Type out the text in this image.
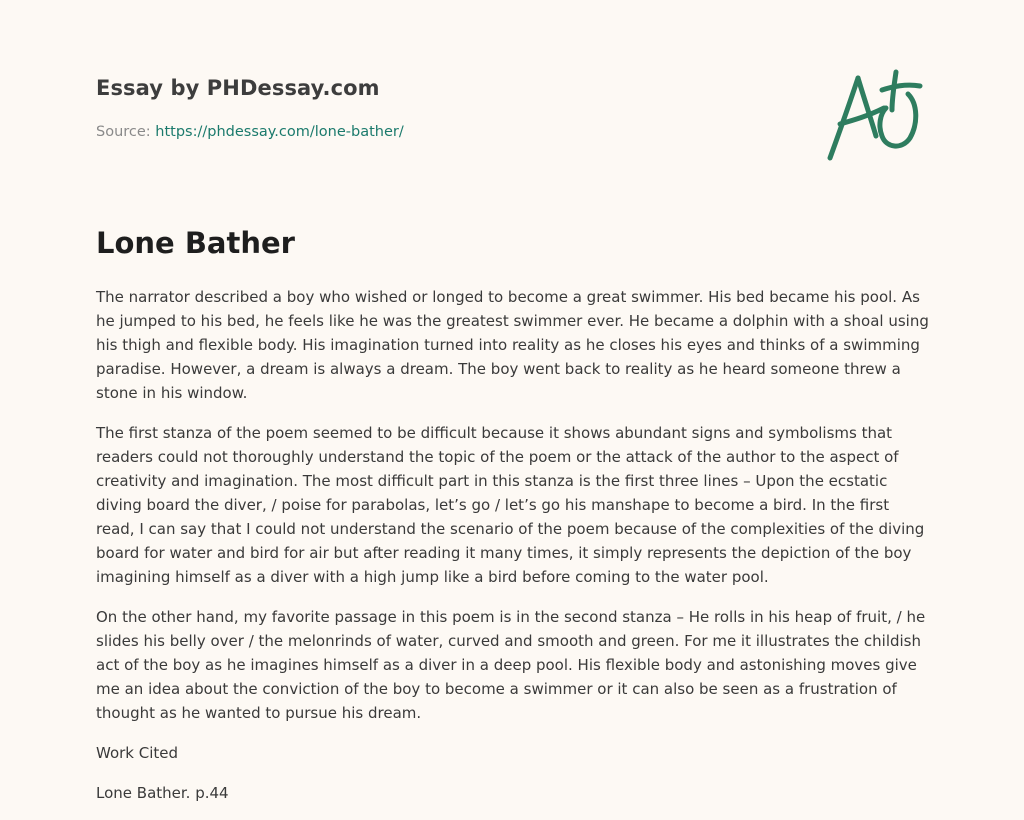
Essay by PHDessay.com
Source: https://phdessay.com/lone-bather/
Lone Bather

The narrator described a boy who wished or longed to become a great swimmer. His bed became his pool. As he jumped to his bed, he feels like he was the greatest swimmer ever. He became a dolphin with a shoal using his thigh and flexible body. His imagination turned into reality as he closes his eyes and thinks of a swimming paradise. However, a dream is always a dream. The boy went back to reality as he heard someone threw a stone in his window.

The first stanza of the poem seemed to be difficult because it shows abundant signs and symbolisms that readers could not thoroughly understand the topic of the poem or the attack of the author to the aspect of creativity and imagination. The most difficult part in this stanza is the first three lines – Upon the ecstatic diving board the diver, / poise for parabolas, let’s go / let’s go his manshape to become a bird. In the first read, I can say that I could not understand the scenario of the poem because of the complexities of the diving board for water and bird for air but after reading it many times, it simply represents the depiction of the boy imagining himself as a diver with a high jump like a bird before coming to the water pool.

On the other hand, my favorite passage in this poem is in the second stanza – He rolls in his heap of fruit, / he slides his belly over / the melonrinds of water, curved and smooth and green. For me it illustrates the childish act of the boy as he imagines himself as a diver in a deep pool. His flexible body and astonishing moves give me an idea about the conviction of the boy to become a swimmer or it can also be seen as a frustration of thought as he wanted to pursue his dream.

Work Cited

Lone Bather. p.44
